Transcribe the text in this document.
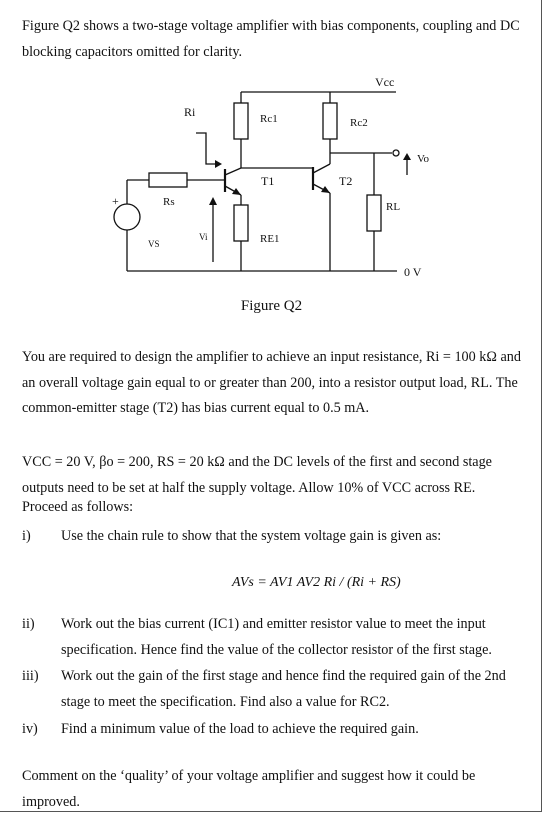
Figure Q2 shows a two-stage voltage amplifier with bias components, coupling and DC blocking capacitors omitted for clarity.

Vcc
Ri	Rc1	Rc2
Vo
T1	T2
Rs	RL
Vi	RE1
VS
+
0 V
Figure Q2

You are required to design the amplifier to achieve an input resistance, Ri = 100 kΩ and an overall voltage gain equal to or greater than 200, into a resistor output load, RL. The common-emitter stage (T2) has bias current equal to 0.5 mA.

VCC = 20 V, βo = 200, RS = 20 kΩ and the DC levels of the first and second stage outputs need to be set at half the supply voltage. Allow 10% of VCC across RE.

Proceed as follows:

i) Use the chain rule to show that the system voltage gain is given as:
AVs = AV1 AV2 Ri / (Ri + RS)
ii) Work out the bias current (IC1) and emitter resistor value to meet the input specification. Hence find the value of the collector resistor of the first stage.
iii) Work out the gain of the first stage and hence find the required gain of the 2nd stage to meet the specification. Find also a value for RC2.
iv) Find a minimum value of the load to achieve the required gain.

Comment on the ‘quality’ of your voltage amplifier and suggest how it could be improved.
